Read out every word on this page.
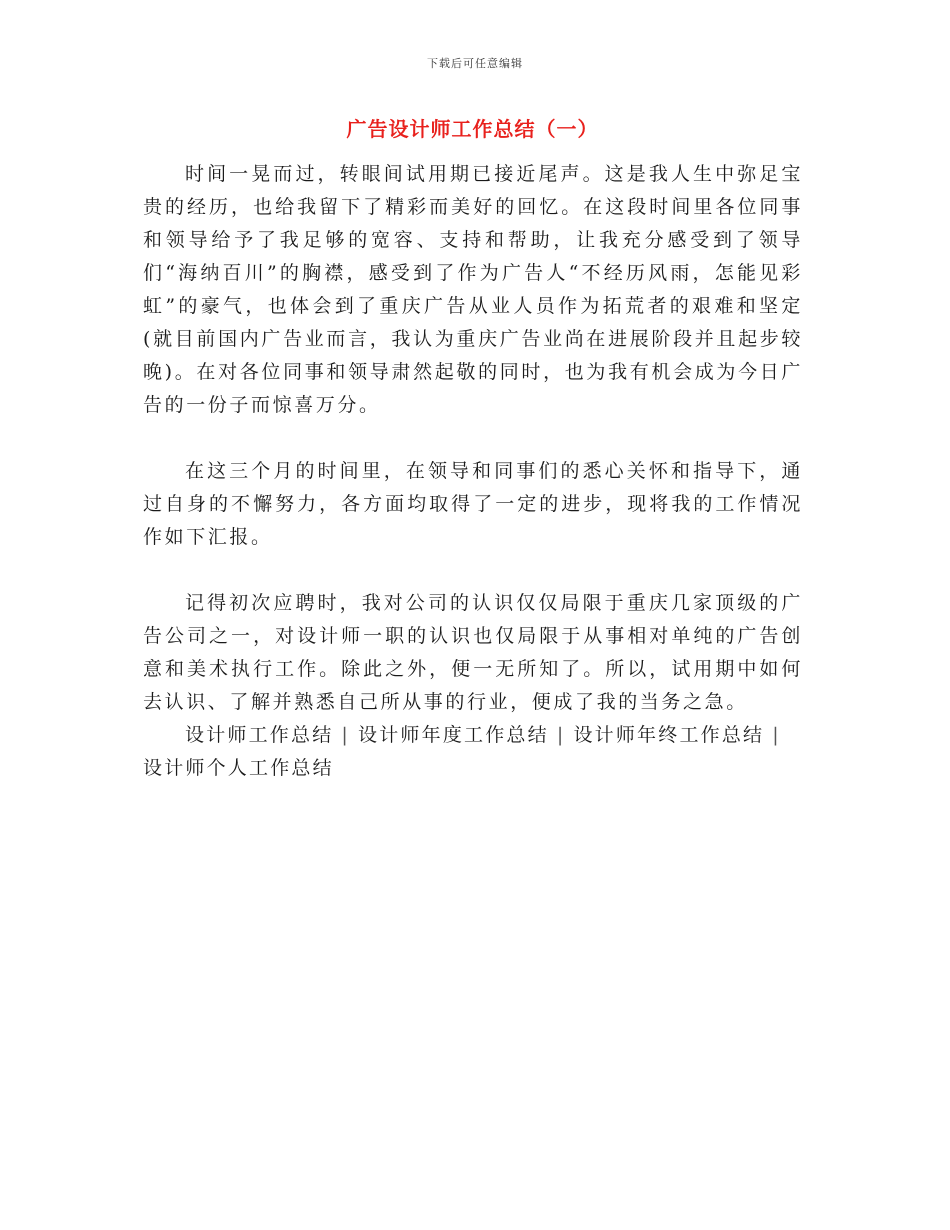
下载后可任意编辑
广告设计师工作总结（一）

时间一晃而过，转眼间试用期已接近尾声。这是我人生中弥足宝贵的经历，也给我留下了精彩而美好的回忆。在这段时间里各位同事和领导给予了我足够的宽容、支持和帮助，让我充分感受到了领导们“海纳百川”的胸襟，感受到了作为广告人“不经历风雨，怎能见彩虹”的豪气，也体会到了重庆广告从业人员作为拓荒者的艰难和坚定(就目前国内广告业而言，我认为重庆广告业尚在进展阶段并且起步较晚)。在对各位同事和领导肃然起敬的同时，也为我有机会成为今日广告的一份子而惊喜万分。

在这三个月的时间里，在领导和同事们的悉心关怀和指导下，通过自身的不懈努力，各方面均取得了一定的进步，现将我的工作情况作如下汇报。

记得初次应聘时，我对公司的认识仅仅局限于重庆几家顶级的广告公司之一，对设计师一职的认识也仅局限于从事相对单纯的广告创意和美术执行工作。除此之外，便一无所知了。所以，试用期中如何去认识、了解并熟悉自己所从事的行业，便成了我的当务之急。

设计师工作总结 | 设计师年度工作总结 | 设计师年终工作总结 |设计师个人工作总结
